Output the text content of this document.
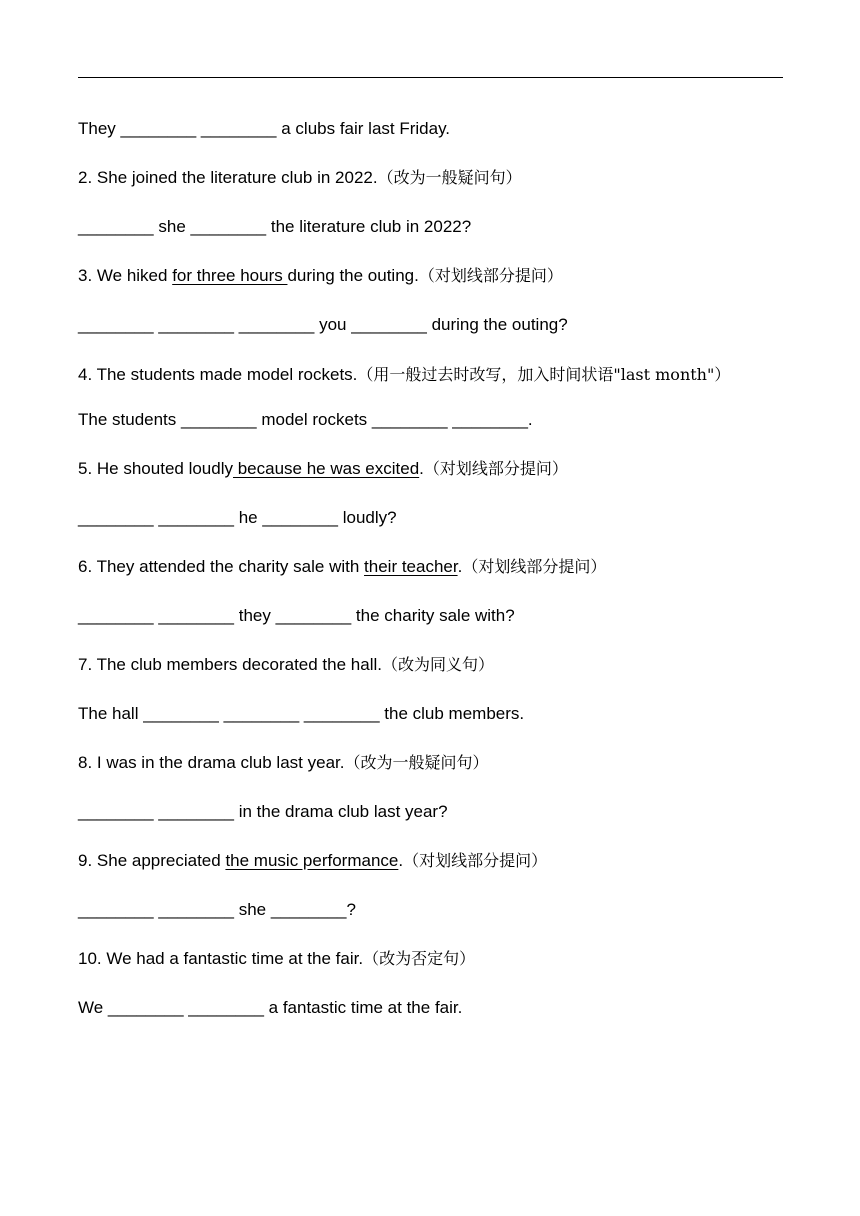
They ________ ________ a clubs fair last Friday.
2. She joined the literature club in 2022.（改为一般疑问句）
________ she ________ the literature club in 2022?
3. We hiked for three hours during the outing.（对划线部分提问）
________ ________ ________ you ________ during the outing?
4. The students made model rockets.（用一般过去时改写，加入时间状语"last month"）
The students ________ model rockets ________ ________.
5. He shouted loudly because he was excited.（对划线部分提问）
________ ________ he ________ loudly?
6. They attended the charity sale with their teacher.（对划线部分提问）
________ ________ they ________ the charity sale with?
7. The club members decorated the hall.（改为同义句）
The hall ________ ________ ________ the club members.
8. I was in the drama club last year.（改为一般疑问句）
________ ________ in the drama club last year?
9. She appreciated the music performance.（对划线部分提问）
________ ________ she ________?
10. We had a fantastic time at the fair.（改为否定句）
We ________ ________ a fantastic time at the fair.
